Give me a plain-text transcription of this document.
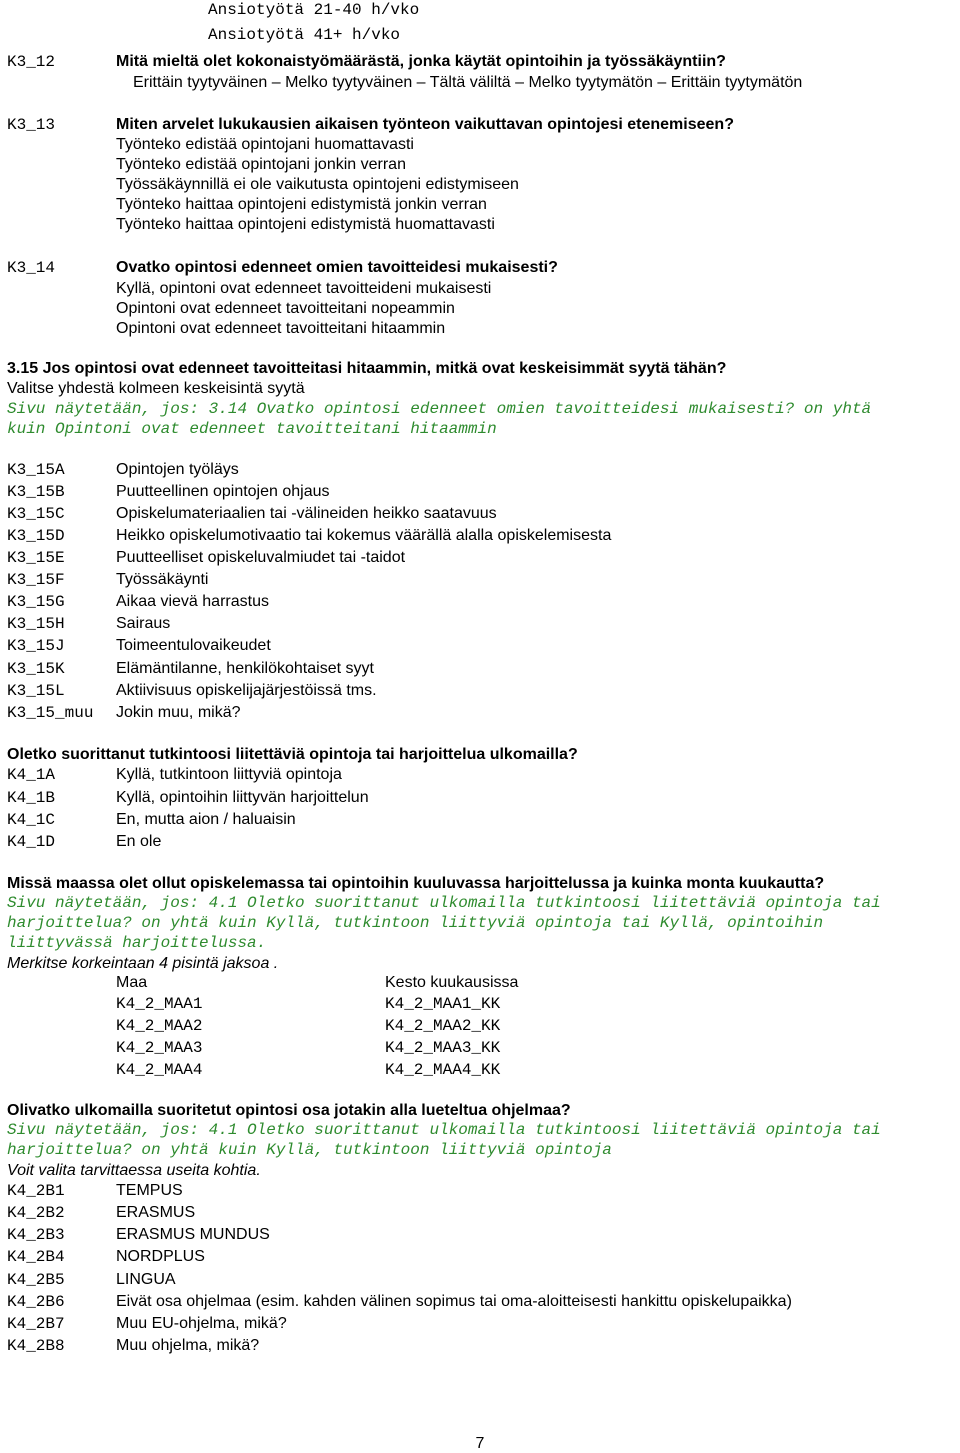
Ansiotyötä 21-40 h/vko
Ansiotyötä 41+ h/vko
K3_12	Mitä mieltä olet kokonaistyömäärästä, jonka käytät opintoihin ja työssäkäyntiin?
Erittäin tyytyväinen – Melko tyytyväinen – Tältä väliltä – Melko tyytymätön – Erittäin tyytymätön
K3_13	Miten arvelet lukukausien aikaisen työnteon vaikuttavan opintojesi etenemiseen?
Työnteko edistää opintojani huomattavasti
Työnteko edistää opintojani jonkin verran
Työssäkäynnillä ei ole vaikutusta opintojeni edistymiseen
Työnteko haittaa opintojeni edistymistä jonkin verran
Työnteko haittaa opintojeni edistymistä huomattavasti
K3_14	Ovatko opintosi edenneet omien tavoitteidesi mukaisesti?
Kyllä, opintoni ovat edenneet tavoitteideni mukaisesti
Opintoni ovat edenneet tavoitteitani nopeammin
Opintoni ovat edenneet tavoitteitani hitaammin
3.15 Jos opintosi ovat edenneet tavoitteitasi hitaammin, mitkä ovat keskeisimmät syytä tähän?
Valitse yhdestä kolmeen keskeisintä syytä
Sivu näytetään, jos: 3.14 Ovatko opintosi edenneet omien tavoitteidesi mukaisesti? on yhtä
kuin Opintoni ovat edenneet tavoitteitani hitaammin
K3_15A	Opintojen työläys
K3_15B	Puutteellinen opintojen ohjaus
K3_15C	Opiskelumateriaalien tai -välineiden heikko saatavuus
K3_15D	Heikko opiskelumotivaatio tai kokemus väärällä alalla opiskelemisesta
K3_15E	Puutteelliset opiskeluvalmiudet tai -taidot
K3_15F	Työssäkäynti
K3_15G	Aikaa vievä harrastus
K3_15H	Sairaus
K3_15J	Toimeentulovaikeudet
K3_15K	Elämäntilanne, henkilökohtaiset syyt
K3_15L	Aktiivisuus opiskelijajärjestöissä tms.
K3_15_muu Jokin muu, mikä?
Oletko suorittanut tutkintoosi liitettäviä opintoja tai harjoittelua ulkomailla?
K4_1A	Kyllä, tutkintoon liittyviä opintoja
K4_1B	Kyllä, opintoihin liittyvän harjoittelun
K4_1C	En, mutta aion / haluaisin
K4_1D	En ole
Missä maassa olet ollut opiskelemassa tai opintoihin kuuluvassa harjoittelussa ja kuinka monta kuukautta?
Sivu näytetään, jos: 4.1 Oletko suorittanut ulkomailla tutkintoosi liitettäviä opintoja tai
harjoittelua? on yhtä kuin Kyllä, tutkintoon liittyviä opintoja tai Kyllä, opintoihin
liittyvässä harjoittelussa.
Merkitse korkeintaan 4 pisintä jaksoa .
Maa	Kesto kuukausissa
K4_2_MAA1	K4_2_MAA1_KK
K4_2_MAA2	K4_2_MAA2_KK
K4_2_MAA3	K4_2_MAA3_KK
K4_2_MAA4	K4_2_MAA4_KK
Olivatko ulkomailla suoritetut opintosi osa jotakin alla lueteltua ohjelmaa?
Sivu näytetään, jos: 4.1 Oletko suorittanut ulkomailla tutkintoosi liitettäviä opintoja tai
harjoittelua? on yhtä kuin Kyllä, tutkintoon liittyviä opintoja
Voit valita tarvittaessa useita kohtia.
K4_2B1	TEMPUS
K4_2B2	ERASMUS
K4_2B3	ERASMUS MUNDUS
K4_2B4	NORDPLUS
K4_2B5	LINGUA
K4_2B6	Eivät osa ohjelmaa (esim. kahden välinen sopimus tai oma-aloitteisesti hankittu opiskelupaikka)
K4_2B7	Muu EU-ohjelma, mikä?
K4_2B8	Muu ohjelma, mikä?
7
